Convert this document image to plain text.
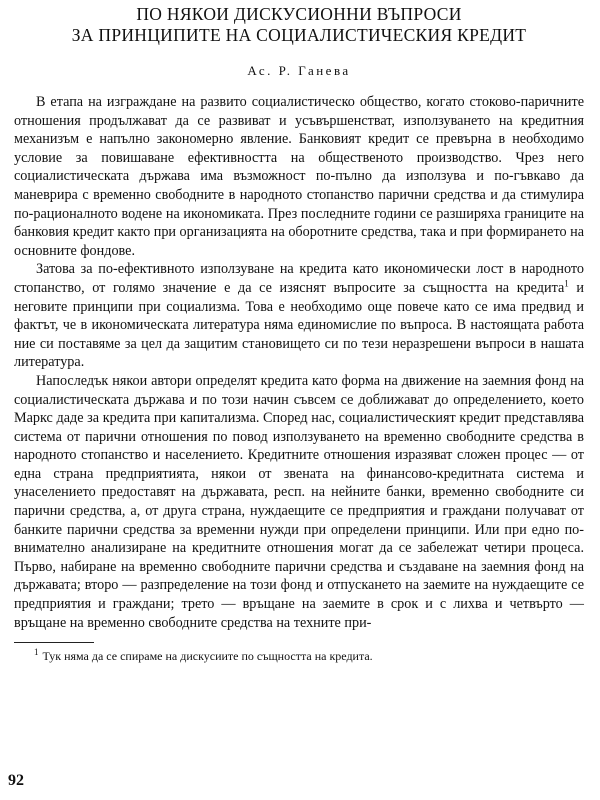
ПО НЯКОИ ДИСКУСИОННИ ВЪПРОСИ
ЗА ПРИНЦИПИТЕ НА СОЦИАЛИСТИЧЕСКИЯ КРЕДИТ
Ас. Р. Ганева

В етапа на изграждане на развито социалистическо общество, когато стоково-паричните отношения продължават да се развиват и усъвършенстват, използуването на кредитния механизъм е напълно закономерно явление. Банковият кредит се превърна в необходимо условие за повишаване ефективността на общественото производство. Чрез него социалистическата държава има възможност по-пълно да използува и по-гъвкаво да маневрира с временно свободните в народното стопанство парични средства и да стимулира по-рационалното водене на икономиката. През последните години се разширяха границите на банковия кредит както при организацията на оборотните средства, така и при формирането на основните фондове.

Затова за по-ефективното използуване на кредита като икономически лост в народното стопанство, от голямо значение е да се изяснят въпросите за същността на кредита$^1$ и неговите принципи при социализма. Това е необходимо още повече като се има предвид и фактът, че в икономическата литература няма единомислие по въпроса. В настоящата работа ние си поставяме за цел да защитим становището си по тези неразрешени въпроси в нашата литература.

Напоследък някои автори определят кредита като форма на движение на заемния фонд на социалистическата държава и по този начин съвсем се доближават до определението, което Маркс даде за кредита при капитализма. Според нас, социалистическият кредит представлява система от парични отношения по повод използуването на временно свободните средства в народното стопанство и населението. Кредитните отношения изразяват сложен процес — от една страна предприятията, някои от звената на финансово-кредитната система и унаселението предоставят на държавата, респ. на нейните банки, временно свободните си парични средства, а, от друга страна, нуждаещите се предприятия и граждани получават от банките парични средства за временни нужди при определени принципи. Или при едно по-внимателно анализиране на кредитните отношения могат да се забележат четири процеса. Първо, набиране на временно свободните парични средства и създаване на заемния фонд на държавата; второ — разпределение на този фонд и отпускането на заемите на нуждаещите се предприятия и граждани; трето — връщане на заемите в срок и с лихва и четвърто — връщане на временно свободните средства на техните при-

$^1$ Тук няма да се спираме на дискусиите по същността на кредита.

92
